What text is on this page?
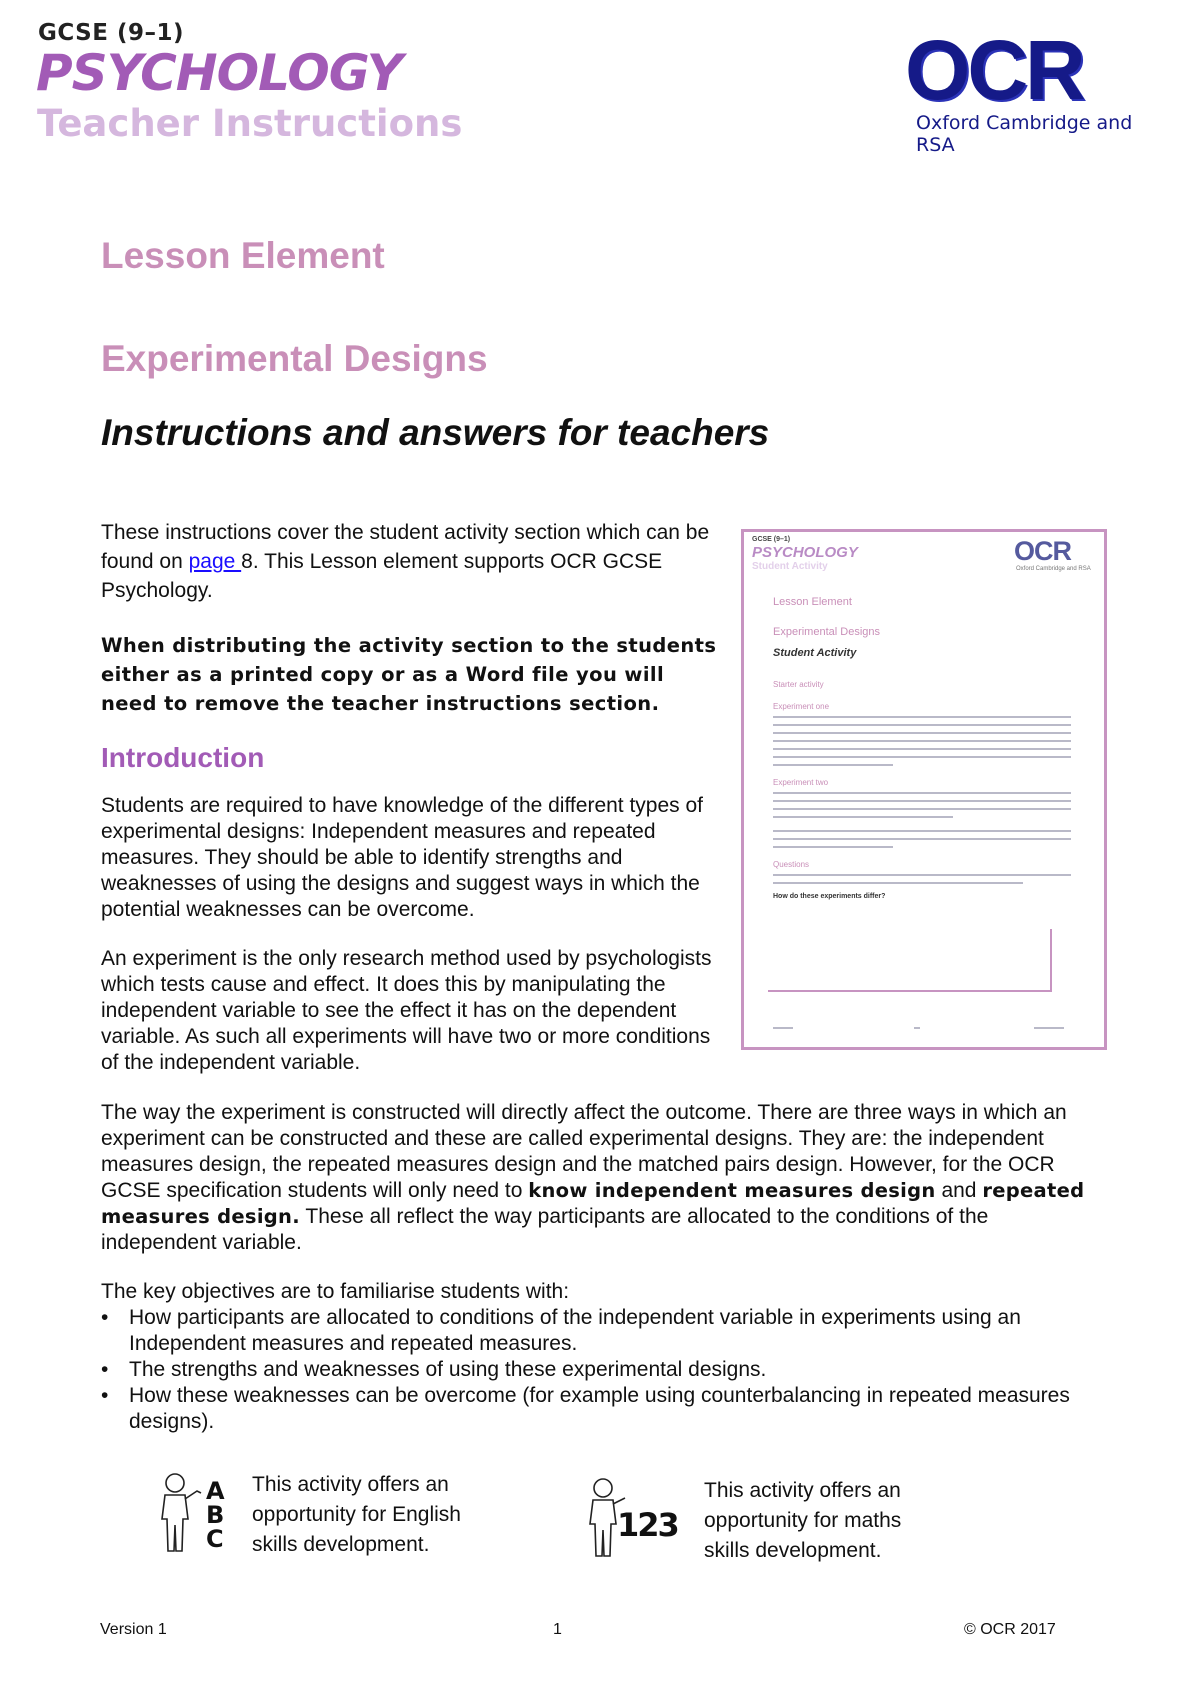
GCSE (9–1)
PSYCHOLOGY
Teacher Instructions
OCR
Oxford Cambridge and RSA
Lesson Element
Experimental Designs
Instructions and answers for teachers
These instructions cover the student activity section which can be found on page 8. This Lesson element supports OCR GCSE Psychology.
When distributing the activity section to the students either as a printed copy or as a Word file you will need to remove the teacher instructions section.
Introduction
Students are required to have knowledge of the different types of experimental designs: Independent measures and repeated measures. They should be able to identify strengths and weaknesses of using the designs and suggest ways in which the potential weaknesses can be overcome.
An experiment is the only research method used by psychologists which tests cause and effect. It does this by manipulating the independent variable to see the effect it has on the dependent variable. As such all experiments will have two or more conditions of the independent variable.
The way the experiment is constructed will directly affect the outcome. There are three ways in which an experiment can be constructed and these are called experimental designs. They are: the independent measures design, the repeated measures design and the matched pairs design. However, for the OCR GCSE specification students will only need to know independent measures design and repeated measures design. These all reflect the way participants are allocated to the conditions of the independent variable.
The key objectives are to familiarise students with:
• How participants are allocated to conditions of the independent variable in experiments using an Independent measures and repeated measures.
• The strengths and weaknesses of using these experimental designs.
• How these weaknesses can be overcome (for example using counterbalancing in repeated measures designs).
GCSE (9–1)
PSYCHOLOGY
Student Activity
OCR
Oxford Cambridge and RSA
Lesson Element
Experimental Designs
Student Activity
Starter activity
Experiment one
Experiment two
Questions
How do these experiments differ?
A
B
C
This activity offers an opportunity for English skills development.
123
This activity offers an opportunity for maths skills development.
Version 1	1	© OCR 2017
